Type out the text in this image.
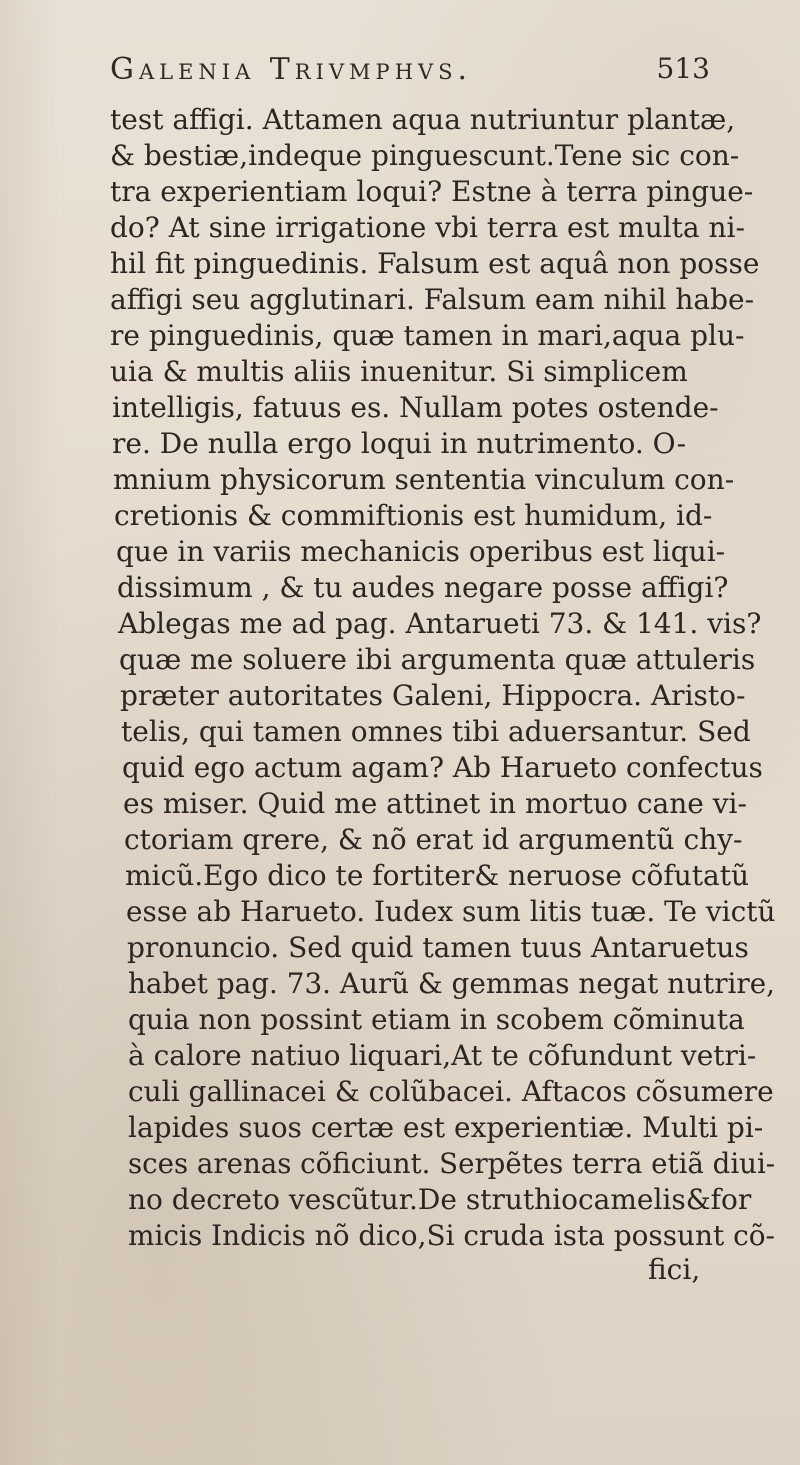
Galenia Trivmphvs.	513
test affigi. Attamen aqua nutriuntur plantæ,
& bestiæ,indeque pinguescunt.Tene sic con-
tra experientiam loqui? Estne à terra pingue-
do? At sine irrigatione vbi terra est multa ni-
hil fit pinguedinis. Falsum est aquâ non posse
affigi seu agglutinari. Falsum eam nihil habe-
re pinguedinis, quæ tamen in mari,aqua plu-
uia & multis aliis inuenitur. Si simplicem
intelligis, fatuus es. Nullam potes ostende-
re. De nulla ergo loqui in nutrimento. O-
mnium physicorum sententia vinculum con-
cretionis & commiftionis est humidum, id-
que in variis mechanicis operibus est liqui-
dissimum , & tu audes negare posse affigi?
Ablegas me ad pag. Antarueti 73. & 141. vis?
quæ me soluere ibi argumenta quæ attuleris
præter autoritates Galeni, Hippocra. Aristo-
telis, qui tamen omnes tibi aduersantur. Sed
quid ego actum agam? Ab Harueto confectus
es miser. Quid me attinet in mortuo cane vi-
ctoriam qrere, & nõ erat id argumentũ chy-
micũ.Ego dico te fortiter& neruose cõfutatũ
esse ab Harueto. Iudex sum litis tuæ. Te victũ
pronuncio. Sed quid tamen tuus Antaruetus
habet pag. 73. Aurũ & gemmas negat nutrire,
quia non possint etiam in scobem cõminuta
à calore natiuo liquari,At te cõfundunt vetri-
culi gallinacei & colũbacei. Aftacos cõsumere
lapides suos certæ est experientiæ. Multi pi-
sces arenas cõficiunt. Serpẽtes terra etiã diui-
no decreto vescũtur.De struthiocamelis&for
micis Indicis nõ dico,Si cruda ista possunt cõ-
fici,
